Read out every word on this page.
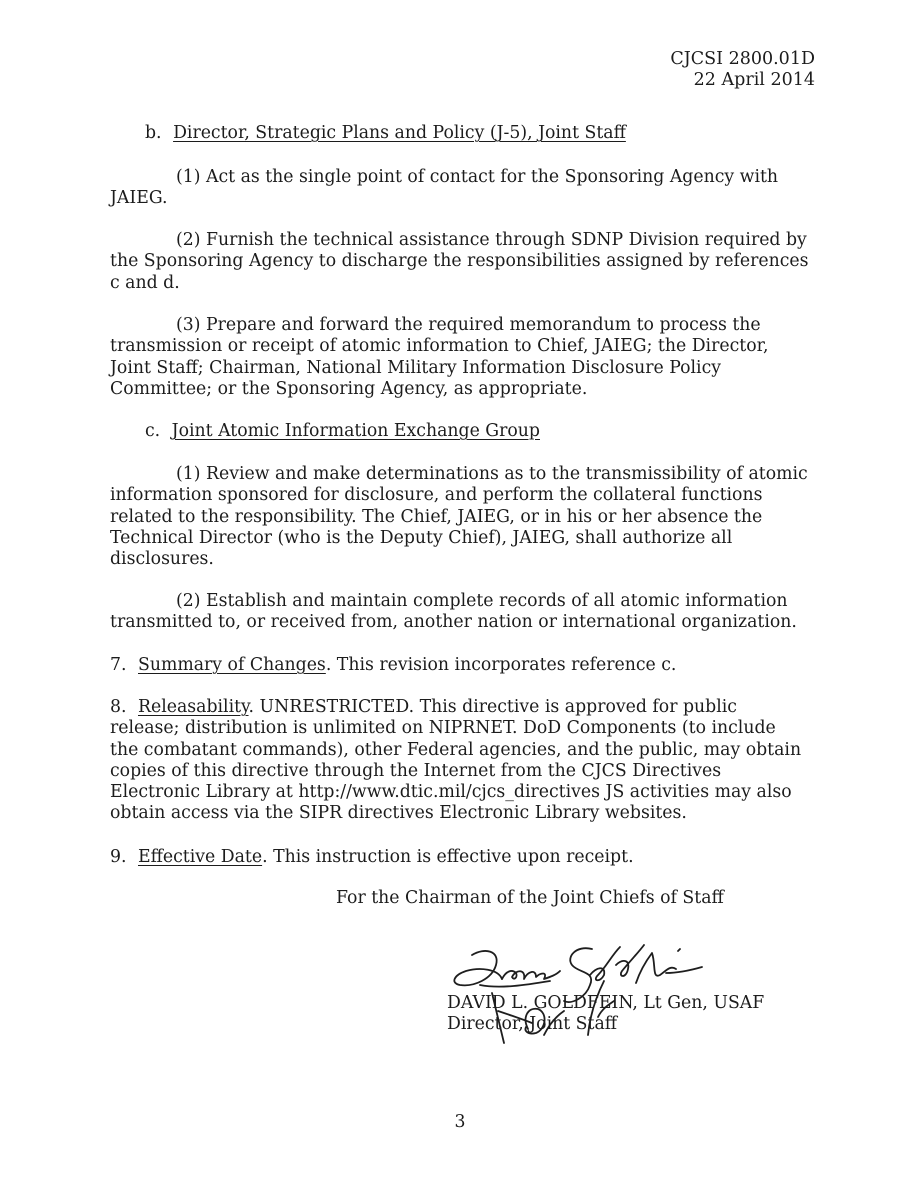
CJCSI 2800.01D
22 April 2014
b. Director, Strategic Plans and Policy (J-5), Joint Staff
(1) Act as the single point of contact for the Sponsoring Agency with
JAIEG.
(2) Furnish the technical assistance through SDNP Division required by
the Sponsoring Agency to discharge the responsibilities assigned by references
c and d.
(3) Prepare and forward the required memorandum to process the
transmission or receipt of atomic information to Chief, JAIEG; the Director,
Joint Staff; Chairman, National Military Information Disclosure Policy
Committee; or the Sponsoring Agency, as appropriate.
c. Joint Atomic Information Exchange Group
(1) Review and make determinations as to the transmissibility of atomic
information sponsored for disclosure, and perform the collateral functions
related to the responsibility. The Chief, JAIEG, or in his or her absence the
Technical Director (who is the Deputy Chief), JAIEG, shall authorize all
disclosures.
(2) Establish and maintain complete records of all atomic information
transmitted to, or received from, another nation or international organization.
7. Summary of Changes. This revision incorporates reference c.
8. Releasability. UNRESTRICTED. This directive is approved for public
release; distribution is unlimited on NIPRNET. DoD Components (to include
the combatant commands), other Federal agencies, and the public, may obtain
copies of this directive through the Internet from the CJCS Directives
Electronic Library at http://www.dtic.mil/cjcs_directives JS activities may also
obtain access via the SIPR directives Electronic Library websites.
9. Effective Date. This instruction is effective upon receipt.
For the Chairman of the Joint Chiefs of Staff
DAVID L. GOLDFEIN, Lt Gen, USAF
Director, Joint Staff
3
